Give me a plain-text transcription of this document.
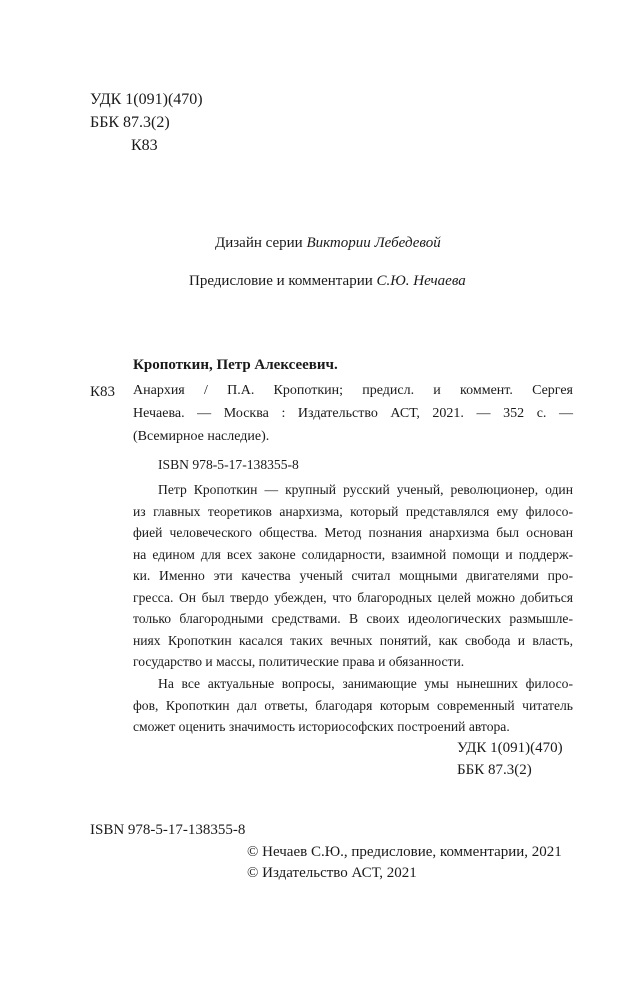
УДК 1(091)(470)
ББК 87.3(2)
К83
Дизайн серии Виктории Лебедевой
Предисловие и комментарии С.Ю. Нечаева
Кропоткин, Петр Алексеевич.
К83 Анархия / П.А. Кропоткин; предисл. и коммент. Сергея
Нечаева. — Москва : Издательство АСТ, 2021. — 352 с. —
(Всемирное наследие).
ISBN 978-5-17-138355-8
Петр Кропоткин — крупный русский ученый, революционер, один
из главных теоретиков анархизма, который представлялся ему филосо-
фией человеческого общества. Метод познания анархизма был основан
на едином для всех законе солидарности, взаимной помощи и поддерж-
ки. Именно эти качества ученый считал мощными двигателями про-
гресса. Он был твердо убежден, что благородных целей можно добиться
только благородными средствами. В своих идеологических размышле-
ниях Кропоткин касался таких вечных понятий, как свобода и власть,
государство и массы, политические права и обязанности.
На все актуальные вопросы, занимающие умы нынешних филосо-
фов, Кропоткин дал ответы, благодаря которым современный читатель
сможет оценить значимость историософских построений автора.
УДК 1(091)(470)
ББК 87.3(2)
ISBN 978-5-17-138355-8
© Нечаев С.Ю., предисловие, комментарии, 2021
© Издательство АСТ, 2021
